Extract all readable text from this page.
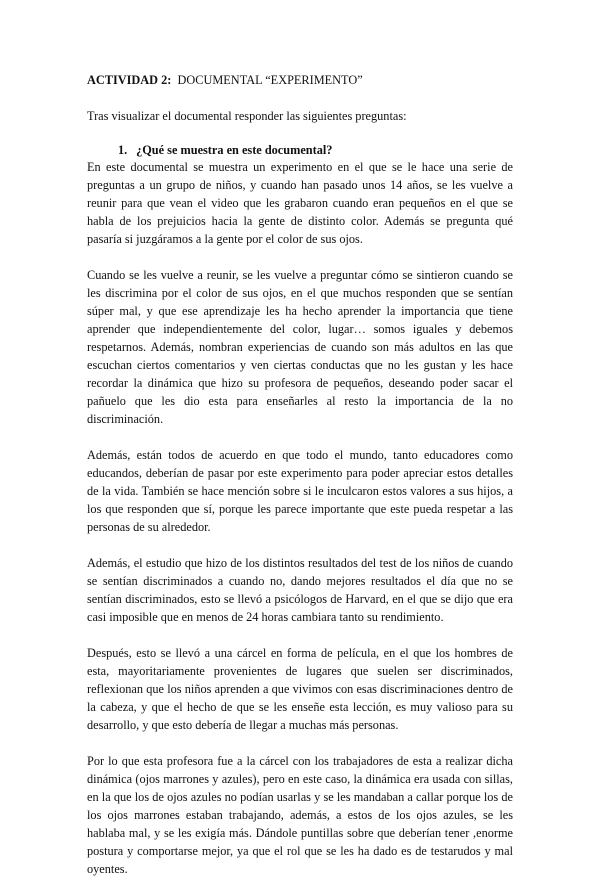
ACTIVIDAD 2:  DOCUMENTAL “EXPERIMENTO”

Tras visualizar el documental responder las siguientes preguntas:

1. ¿Qué se muestra en este documental?

En este documental se muestra un experimento en el que se le hace una serie de preguntas a un grupo de niños, y cuando han pasado unos 14 años, se les vuelve a reunir para que vean el video que les grabaron cuando eran pequeños en el que se habla de los prejuicios hacia la gente de distinto color. Además se pregunta qué pasaría si juzgáramos a la gente por el color de sus ojos.

Cuando se les vuelve a reunir, se les vuelve a preguntar cómo se sintieron cuando se les discrimina por el color de sus ojos, en el que muchos responden que se sentían súper mal, y que ese aprendizaje les ha hecho aprender la importancia que tiene aprender que independientemente del color, lugar… somos iguales y debemos respetarnos. Además, nombran experiencias de cuando son más adultos en las que escuchan ciertos comentarios y ven ciertas conductas que no les gustan y les hace recordar la dinámica que hizo su profesora de pequeños, deseando poder sacar el pañuelo que les dio esta para enseñarles al resto la importancia de la no discriminación.

Además, están todos de acuerdo en que todo el mundo, tanto educadores como educandos, deberían de pasar por este experimento para poder apreciar estos detalles de la vida. También se hace mención sobre si le inculcaron estos valores a sus hijos, a los que responden que sí, porque les parece importante que este pueda respetar a las personas de su alrededor.

Además, el estudio que hizo de los distintos resultados del test de los niños de cuando se sentían discriminados a cuando no, dando mejores resultados el día que no se sentían discriminados, esto se llevó a psicólogos de Harvard, en el que se dijo que era casi imposible que en menos de 24 horas cambiara tanto su rendimiento.

Después, esto se llevó a una cárcel en forma de película, en el que los hombres de esta, mayoritariamente provenientes de lugares que suelen ser discriminados, reflexionan que los niños aprenden a que vivimos con esas discriminaciones dentro de la cabeza, y que el hecho de que se les enseñe esta lección, es muy valioso para su desarrollo, y que esto debería de llegar a muchas más personas.

Por lo que esta profesora fue a la cárcel con los trabajadores de esta a realizar dicha dinámica (ojos marrones y azules), pero en este caso, la dinámica era usada con sillas, en la que los de ojos azules no podían usarlas y se les mandaban a callar porque los de los ojos marrones estaban trabajando, además, a estos de los ojos azules, se les hablaba mal, y se les exigía más. Dándole puntillas sobre que deberían tener ,enorme postura y comportarse mejor, ya que el rol que se les ha dado es de testarudos y mal oyentes.
